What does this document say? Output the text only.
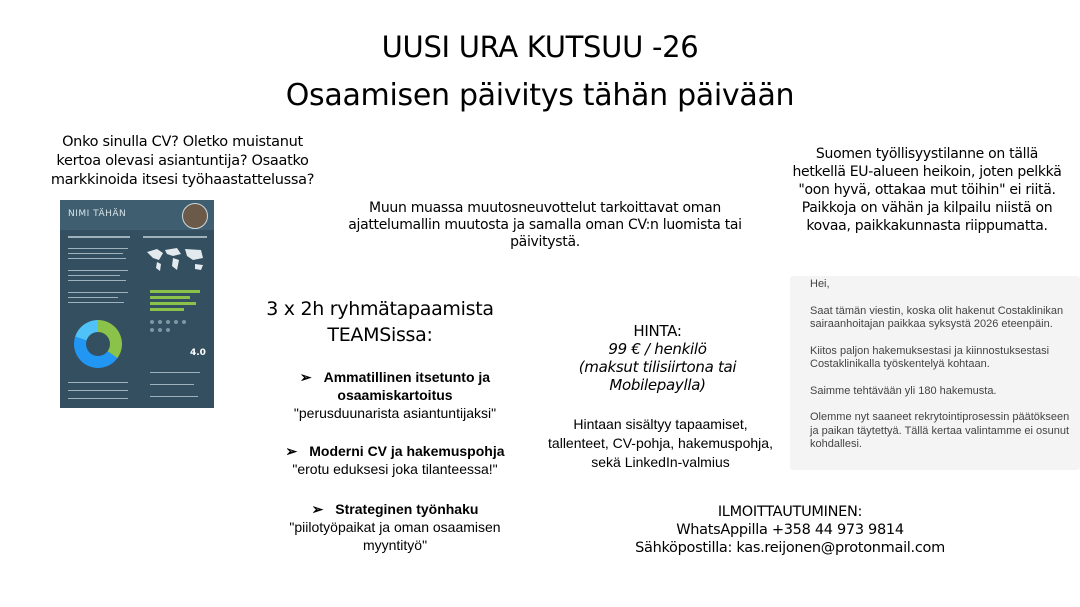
UUSI URA KUTSUU -26
Osaamisen päivitys tähän päivään
Onko sinulla CV? Oletko muistanut kertoa olevasi asiantuntija? Osaatko markkinoida itsesi työhaastattelussa?
NIMI TÄHÄN
4.0
Muun muassa muutosneuvottelut tarkoittavat oman ajattelumallin muutosta ja samalla oman CV:n luomista tai päivitystä.
3 x 2h ryhmätapaamista
TEAMSissa:
➢ Ammatillinen itsetunto ja osaamiskartoitus
"perusduunarista asiantuntijaksi"
➢ Moderni CV ja hakemuspohja
"erotu eduksesi joka tilanteessa!"
➢ Strateginen työnhaku
"piilotyöpaikat ja oman osaamisen myyntityö"
HINTA:
99 € / henkilö
(maksut tilisiirtona tai Mobilepaylla)
Hintaan sisältyy tapaamiset, tallenteet, CV-pohja, hakemuspohja, sekä LinkedIn-valmius
ILMOITTAUTUMINEN:
WhatsAppilla +358 44 973 9814
Sähköpostilla: kas.reijonen@protonmail.com
Suomen työllisyystilanne on tällä hetkellä EU-alueen heikoin, joten pelkkä "oon hyvä, ottakaa mut töihin" ei riitä. Paikkoja on vähän ja kilpailu niistä on kovaa, paikkakunnasta riippumatta.

Hei,

Saat tämän viestin, koska olit hakenut Costaklinikan sairaanhoitajan paikkaa syksystä 2026 eteenpäin.

Kiitos paljon hakemuksestasi ja kiinnostuksestasi Costaklinikalla työskentelyä kohtaan.

Saimme tehtävään yli 180 hakemusta.

Olemme nyt saaneet rekrytointiprosessin päätökseen ja paikan täytettyä. Tällä kertaa valintamme ei osunut kohdallesi.
